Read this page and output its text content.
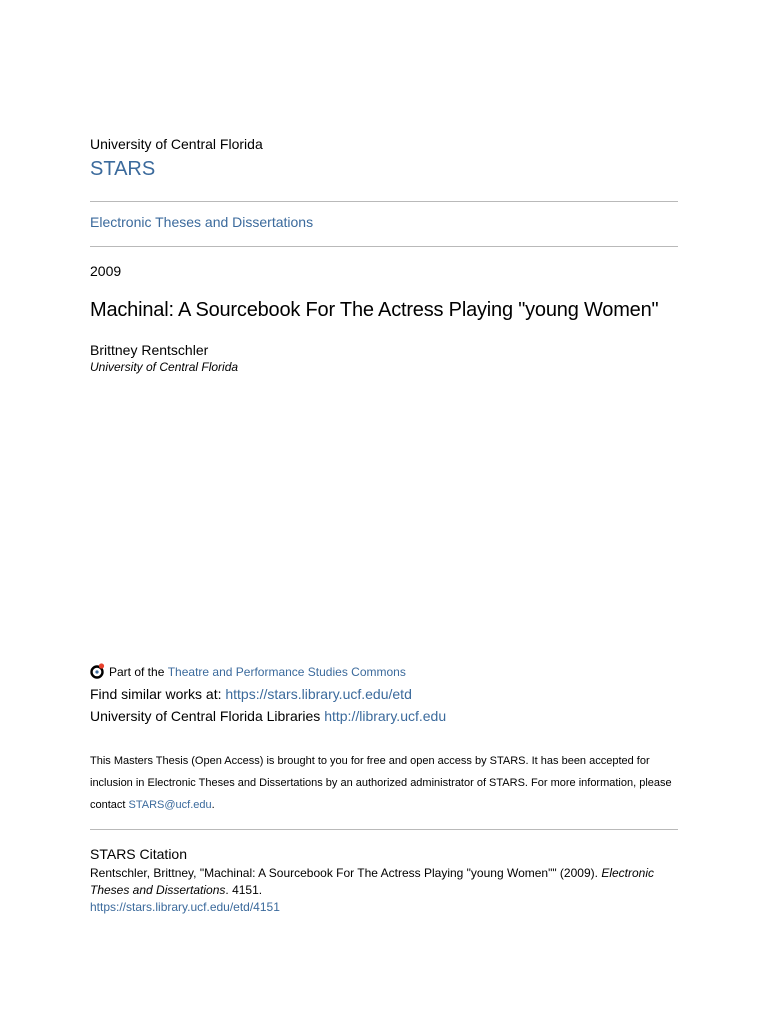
University of Central Florida
STARS
Electronic Theses and Dissertations
2009
Machinal: A Sourcebook For The Actress Playing "young Women"
Brittney Rentschler
University of Central Florida
Part of the
Theatre and Performance Studies Commons
Find similar works at: https://stars.library.ucf.edu/etd
University of Central Florida Libraries http://library.ucf.edu
This Masters Thesis (Open Access) is brought to you for free and open access by STARS. It has been accepted for inclusion in Electronic Theses and Dissertations by an authorized administrator of STARS. For more information, please contact STARS@ucf.edu.
STARS Citation
Rentschler, Brittney, "Machinal: A Sourcebook For The Actress Playing "young Women"" (2009). Electronic Theses and Dissertations. 4151.
https://stars.library.ucf.edu/etd/4151
